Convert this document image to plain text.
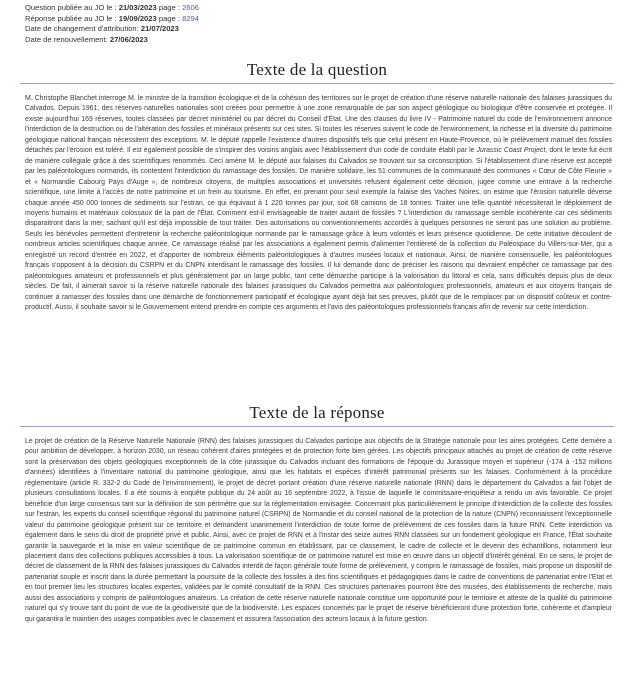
Question publiée au JO le : 21/03/2023 page : 2606
Réponse publiée au JO le : 19/09/2023 page : 8294
Date de changement d'attribution: 21/07/2023
Date de renouvellement: 27/06/2023
Texte de la question

M. Christophe Blanchet interroge M. le ministre de la transition écologique et de la cohésion des territoires sur le projet de création d'une réserve naturelle nationale des falaises jurassiques du Calvados. Depuis 1961, des réserves naturelles nationales sont créées pour permettre à une zone remarquable de par son aspect géologique ou biologique d'être conservée et protégée. Il existe aujourd'hui 169 réserves, toutes classées par décret ministériel ou par décret du Conseil d'État. Une des clauses du livre IV - Patrimoine naturel du code de l'environnement annonce l'interdiction de la destruction ou de l'altération des fossiles et minéraux présents sur ces sites. Si toutes les réserves suivent le code de l'environnement, la richesse et la diversité du patrimoine géologique national français nécessitent des exceptions. M. le député rappelle l'existence d'autres dispositifs tels que celui présent en Haute-Provence, où le prélèvement manuel des fossiles détachés par l'érosion est toléré. Il est également possible de s'inspirer des voisins anglais avec l'établissement d'un code de conduite établi par le Jurassic Coast Project, dont le texte fut écrit de manière collégiale grâce à des scientifiques renommés. Ceci amène M. le député aux falaises du Calvados se trouvant sur sa circonscription. Si l'établissement d'une réserve est accepté par les paléontologues normands, ils contestent l'interdiction du ramassage des fossiles. De manière solidaire, les 51 communes de la communauté des communes « Cœur de Côte Fleurie » et « Normandie Cabourg Pays d'Auge », de nombreux citoyens, de multiples associations et universités refusent également cette décision, jugée comme une entrave à la recherche scientifique, une limite à l'accès de notre patrimoine et un frein au tourisme. En effet, en prenant pour seul exemple la falaise des Vaches Noires, on estime que l'érosion naturelle déverse chaque année 450 000 tonnes de sédiments sur l'estran, ce qui équivaut à 1 220 tonnes par jour, soit 68 camions de 18 tonnes. Traiter une telle quantité nécessiterait le déploiement de moyens humains et matériaux colossaux de la part de l'État. Comment est-il envisageable de traiter autant de fossiles ? L'interdiction du ramassage semble incohérente car ces sédiments disparaitront dans la mer, sachant qu'il est déjà impossible de tout traiter. Des autorisations ou conventionnements accordés à quelques personnes ne seront pas une solution au problème. Seuls les bénévoles permettent d'entretenir la recherche paléontologique normande par le ramassage grâce à leurs volontés et leurs présence quotidienne. De cette initiative découlent de nombreux articles scientifiques chaque année. Ce ramassage réalisé par les associations a également permis d'alimenter l'entièreté de la collection du Paléospace du Villers-sur-Mer, qui a enregistré un record d'entrée en 2022, et d'apporter de nombreux éléments paléontologiques à d'autres musées locaux et nationaux. Ainsi, de manière consensuelle, les paléontologues français s'opposent à la décision du CSRPN et du CNPN interdisant le ramassage des fossiles. Il lui demande donc de préciser les raisons qui devraient empêcher ce ramassage par des paléontologues amateurs et professionnels et plus généralement par un large public, tant cette démarche participe à la valorisation du littoral et cela, sans difficultés depuis plus de deux siècles. De fait, il aimerait savoir si la réserve naturelle nationale des falaises jurassiques du Calvados permettra aux paléontologues professionnels, amateurs et aux citoyens français de continuer à ramasser des fossiles dans une démarche de fonctionnement participatif et écologique ayant déjà fait ses preuves, plutôt que de le remplacer par un dispositif coûteux et contre-productif. Aussi, il souhaite savoir si le Gouvernement entend prendre en compte ces arguments et l'avis des paléontologues professionnels français afin de revenir sur cette interdiction.

Texte de la réponse

Le projet de création de la Réserve Naturelle Nationale (RNN) des falaises jurassiques du Calvados participe aux objectifs de la Stratégie nationale pour les aires protégées. Cette dernière a pour ambition de développer, à horizon 2030, un réseau cohérent d'aires protégées et de protection forte bien gérées. Les objectifs principaux attachés au projet de création de cette réserve sont la préservation des objets géologiques exceptionnels de la côte jurassique du Calvados incluant des formations de l'époque du Jurassique moyen et supérieur (-174 à -152 millions d'années) identifiées à l'inventaire national du patrimoine géologique, ainsi que les habitats et espèces d'intérêt patrimonial présents sur les falaises. Conformément à la procédure réglementaire (article R. 332-2 du Code de l'environnement), le projet de décret portant création d'une réserve naturelle nationale (RNN) dans le département du Calvados a fait l'objet de plusieurs consultations locales. Il a été soumis à enquête publique du 24 août au 16 septembre 2022, à l'issue de laquelle le commissaire-enquêteur a rendu un avis favorable. Ce projet bénéficie d'un large consensus tant sur la définition de son périmètre que sur la réglementation envisagée. Concernant plus particulièrement le principe d'interdiction de la collecte des fossiles sur l'estran, les experts du conseil scientifique régional du patrimoine naturel (CSRPN) de Normandie et du conseil national de la protection de la nature (CNPN) reconnaissent l'exceptionnelle valeur du patrimoine géologique présent sur ce territoire et demandent unanimement l'interdiction de toute forme de prélèvement de ces fossiles dans la future RNN. Cette interdiction va également dans le sens du droit de propriété privé et public. Ainsi, avec ce projet de RNN et à l'instar des seize autres RNN classées sur un fondement géologique en France, l'État souhaite garantir la sauvegarde et la mise en valeur scientifique de ce patrimoine commun en établissant, par ce classement, le cadre de collecte et le devenir des échantillons, notamment leur placement dans des collections publiques accessibles à tous. La valorisation scientifique de ce patrimoine naturel est mise en œuvre dans un objectif d'intérêt général. En ce sens, le projet de décret de classement de la RNN des falaises jurassiques du Calvados interdit de façon générale toute forme de prélèvement, y compris le ramassage de fossiles, mais propose un dispositif de partenariat souple et inscrit dans la durée permettant la poursuite de la collecte des fossiles à des fins scientifiques et pédagogiques dans le cadre de conventions de partenariat entre l'Etat et en tout premier lieu les structures locales expertes, validées par le comité consultatif de la RNN. Ces structures partenaires pourront être des musées, des établissements de recherche, mais aussi des associations y compris de paléontologues amateurs. La création de cette réserve naturelle nationale constitue une opportunité pour le territoire et atteste de la qualité du patrimoine naturel qui s'y trouve tant du point de vue de la géodiversité que de la biodiversité. Les espaces concernés par le projet de réserve bénéficieront d'une protection forte, cohérente et d'ampleur qui garantira le maintien des usages compatibles avec le classement et assurera l'association des acteurs locaux à la future gestion.
